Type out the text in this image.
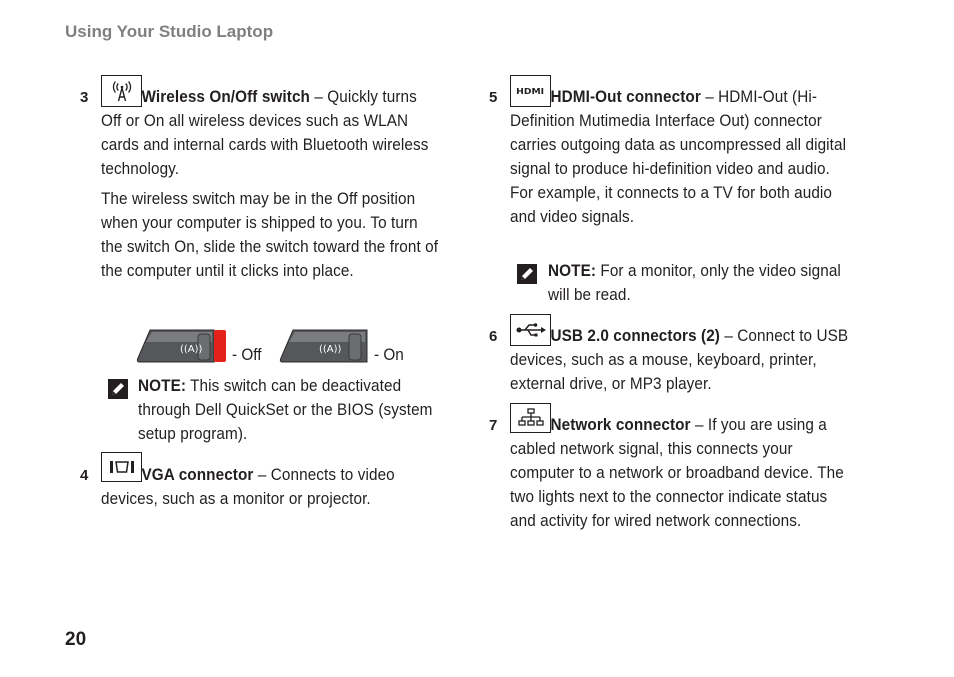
Using Your Studio Laptop
3	Wireless On/Off switch – Quickly turns Off or On all wireless devices such as WLAN cards and internal cards with Bluetooth wireless technology.
The wireless switch may be in the Off position when your computer is shipped to you. To turn the switch On, slide the switch toward the front of the computer until it clicks into place.
((A)) - Off	((A)) - On
NOTE: This switch can be deactivated through Dell QuickSet or the BIOS (system setup program).
4	VGA connector – Connects to video devices, such as a monitor or projector.
5 HDMI HDMI-Out connector – HDMI-Out (Hi-Definition Mutimedia Interface Out) connector carries outgoing data as uncompressed all digital signal to produce hi-definition video and audio. For example, it connects to a TV for both audio and video signals.
NOTE: For a monitor, only the video signal will be read.
6	USB 2.0 connectors (2) – Connect to USB devices, such as a mouse, keyboard, printer, external drive, or MP3 player.
7	Network connector – If you are using a cabled network signal, this connects your computer to a network or broadband device. The two lights next to the connector indicate status and activity for wired network connections.
20
